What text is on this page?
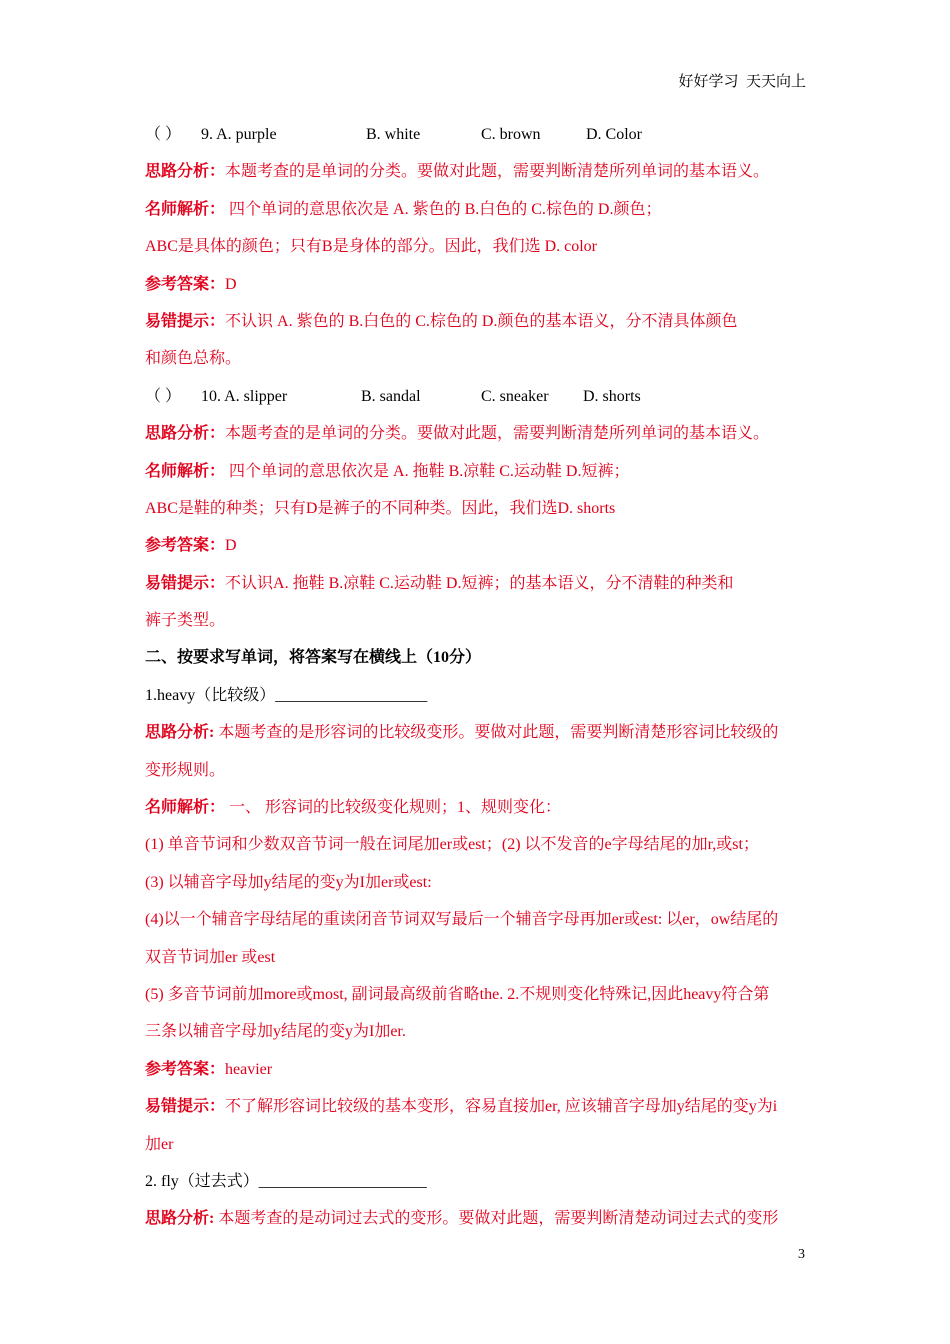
好好学习  天天向上
（ ） 9. A. purple	B. white	C. brown	D. Color
思路分析：本题考查的是单词的分类。要做对此题，需要判断清楚所列单词的基本语义。
名师解析： 四个单词的意思依次是 A. 紫色的 B.白色的 C.棕色的 D.颜色；
ABC是具体的颜色；只有B是身体的部分。因此，我们选 D. color
参考答案：D
易错提示：不认识 A. 紫色的 B.白色的 C.棕色的 D.颜色的基本语义，分不清具体颜色
和颜色总称。
（ ） 10. A. slipper	B. sandal	C. sneaker D. shorts
思路分析：本题考查的是单词的分类。要做对此题，需要判断清楚所列单词的基本语义。
名师解析： 四个单词的意思依次是 A. 拖鞋 B.凉鞋 C.运动鞋 D.短裤；
ABC是鞋的种类；只有D是裤子的不同种类。因此，我们选D. shorts
参考答案：D
易错提示：不认识A. 拖鞋 B.凉鞋 C.运动鞋 D.短裤；的基本语义，分不清鞋的种类和
裤子类型。
二、按要求写单词，将答案写在横线上（10分）
1.heavy（比较级）___________________
思路分析: 本题考查的是形容词的比较级变形。要做对此题，需要判断清楚形容词比较级的
变形规则。
名师解析： 一、 形容词的比较级变化规则；1、规则变化：
(1) 单音节词和少数双音节词一般在词尾加er或est；(2) 以不发音的e字母结尾的加r,或st；
(3) 以辅音字母加y结尾的变y为I加er或est:
(4)以一个辅音字母结尾的重读闭音节词双写最后一个辅音字母再加er或est: 以er，ow结尾的
双音节词加er 或est
(5) 多音节词前加more或most, 副词最高级前省略the. 2.不规则变化特殊记,因此heavy符合第
三条以辅音字母加y结尾的变y为I加er.
参考答案：heavier
易错提示：不了解形容词比较级的基本变形，容易直接加er, 应该辅音字母加y结尾的变y为i
加er
2. fly（过去式）_____________________
思路分析: 本题考查的是动词过去式的变形。要做对此题，需要判断清楚动词过去式的变形
3
